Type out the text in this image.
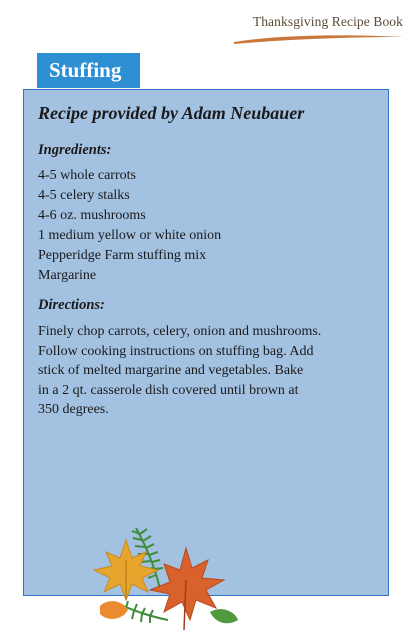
Thanksgiving Recipe Book
Stuffing
Recipe provided by Adam Neubauer
Ingredients:
4-5 whole carrots
4-5 celery stalks
4-6 oz. mushrooms
1 medium yellow or white onion
Pepperidge Farm stuffing mix
Margarine
Directions:
Finely chop carrots, celery, onion and mushrooms.
Follow cooking instructions on stuffing bag. Add
stick of melted margarine and vegetables. Bake
in a 2 qt. casserole dish covered until brown at
350 degrees.
